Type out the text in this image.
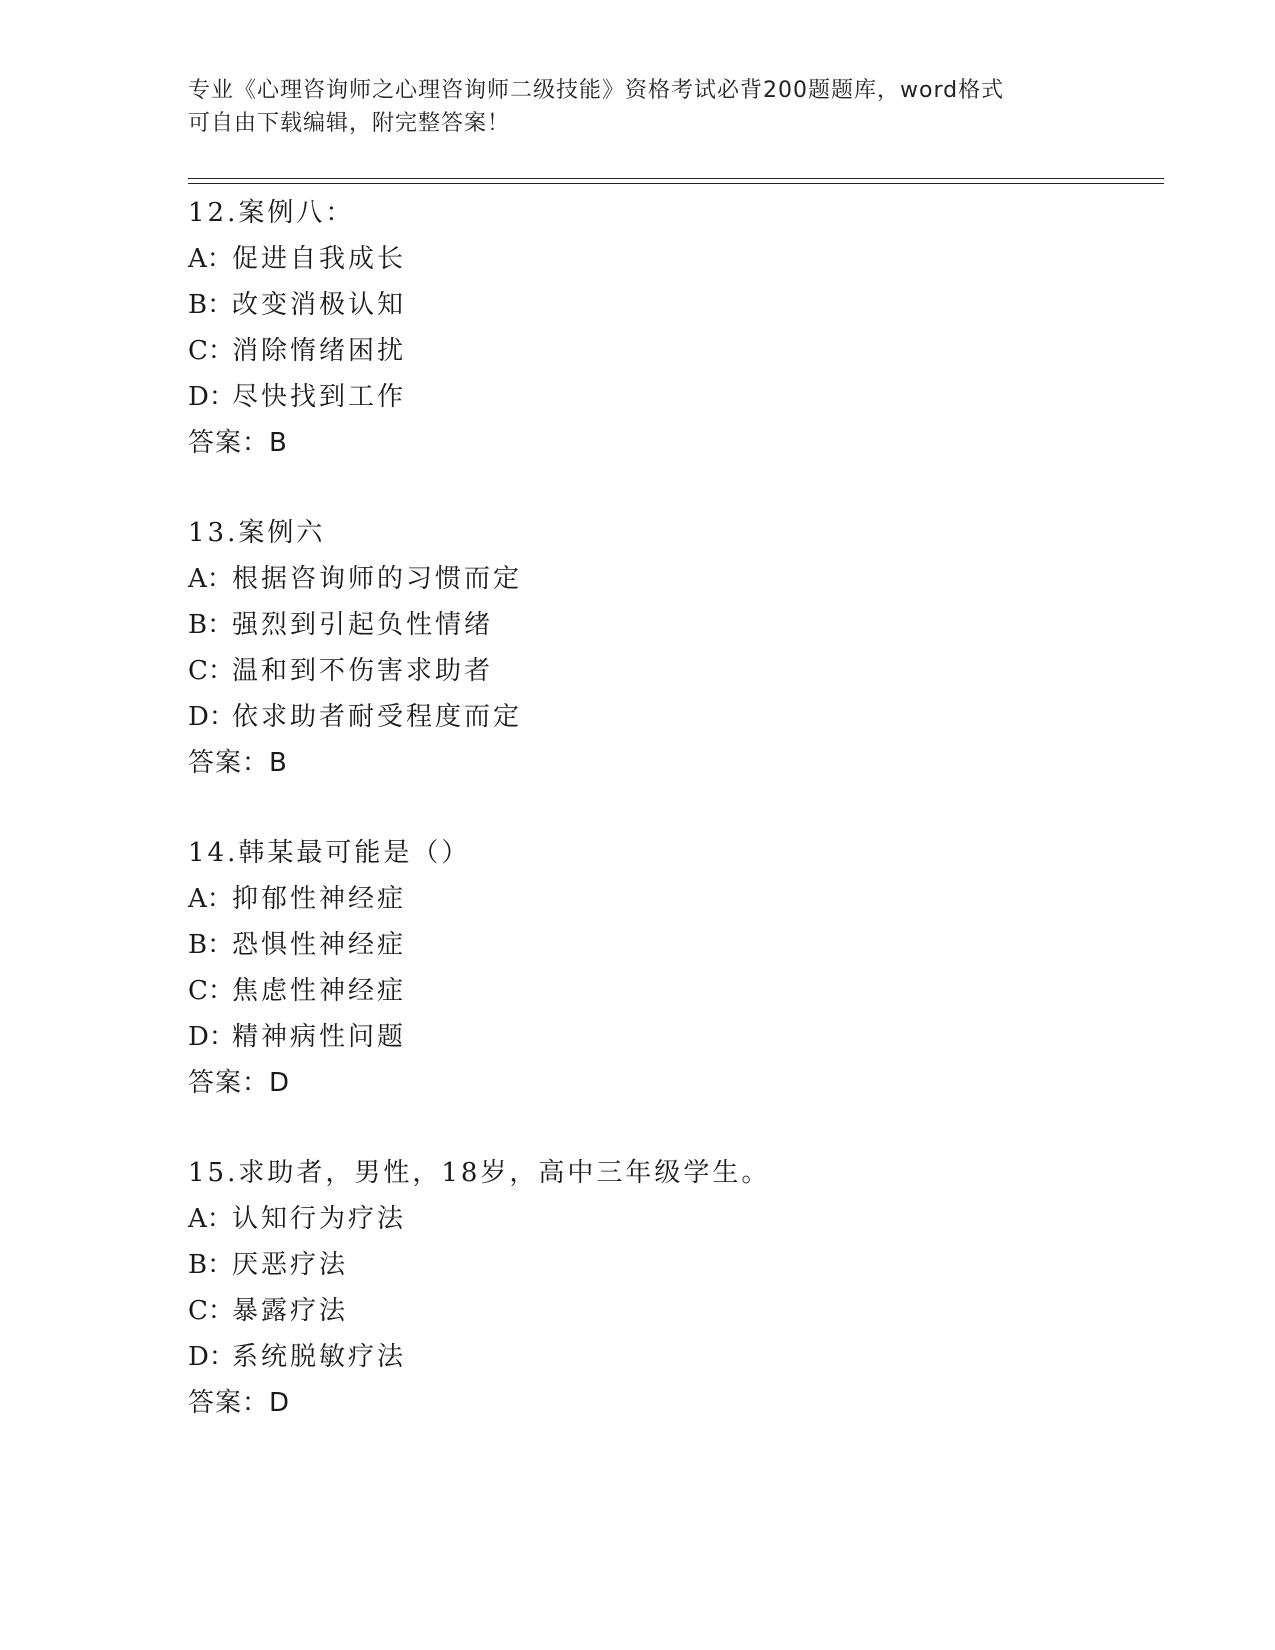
专业《心理咨询师之心理咨询师二级技能》资格考试必背200题题库，word格式
可自由下载编辑，附完整答案！
12.案例八：
A：促进自我成长
B：改变消极认知
C：消除惰绪困扰
D：尽快找到工作
答案：B
13.案例六
A：根据咨询师的习惯而定
B：强烈到引起负性情绪
C：温和到不伤害求助者
D：依求助者耐受程度而定
答案：B
14.韩某最可能是（）
A：抑郁性神经症
B：恐惧性神经症
C：焦虑性神经症
D：精神病性问题
答案：D
15.求助者，男性，18岁，高中三年级学生。
A：认知行为疗法
B：厌恶疗法
C：暴露疗法
D：系统脱敏疗法
答案：D
